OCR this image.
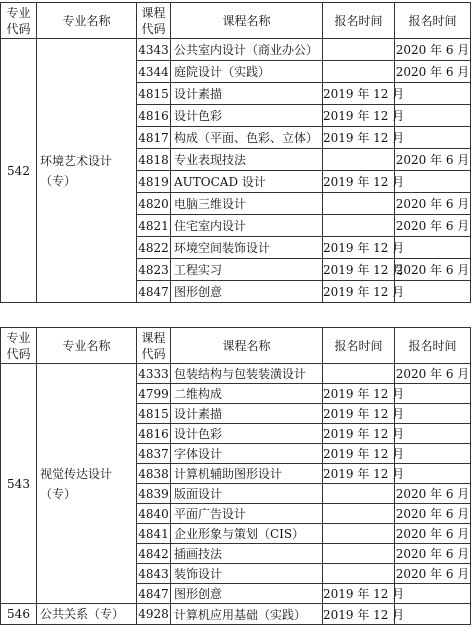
专业
代码	专业名称	课程
代码	课程名称	报名时间	报名时间
542	环境艺术设计
（专）	4343	公共室内设计（商业办公）		2020 年 6 月
		4344	庭院设计（实践）		2020 年 6 月
		4815	设计素描	2019 年 12 月	
		4816	设计色彩	2019 年 12 月	
		4817	构成（平面、色彩、立体）	2019 年 12 月	
		4818	专业表现技法		2020 年 6 月
		4819	AUTOCAD 设计	2019 年 12 月	
		4820	电脑三维设计		2020 年 6 月
		4821	住宅室内设计		2020 年 6 月
		4822	环境空间装饰设计	2019 年 12 月	
		4823	工程实习	2019 年 12 月	2020 年 6 月
		4847	图形创意	2019 年 12 月	
专业
代码	专业名称	课程
代码	课程名称	报名时间	报名时间
543	视觉传达设计
（专）	4333	包装结构与包装装潢设计		2020 年 6 月
		4799	二维构成	2019 年 12 月	
		4815	设计素描	2019 年 12 月	
		4816	设计色彩	2019 年 12 月	
		4837	字体设计	2019 年 12 月	
		4838	计算机辅助图形设计	2019 年 12 月	
		4839	版面设计		2020 年 6 月
		4840	平面广告设计		2020 年 6 月
		4841	企业形象与策划（CIS）		2020 年 6 月
		4842	插画技法		2020 年 6 月
		4843	装饰设计		2020 年 6 月
		4847	图形创意	2019 年 12 月	
546	公共关系（专）	4928	计算机应用基础（实践）	2019 年 12 月	
